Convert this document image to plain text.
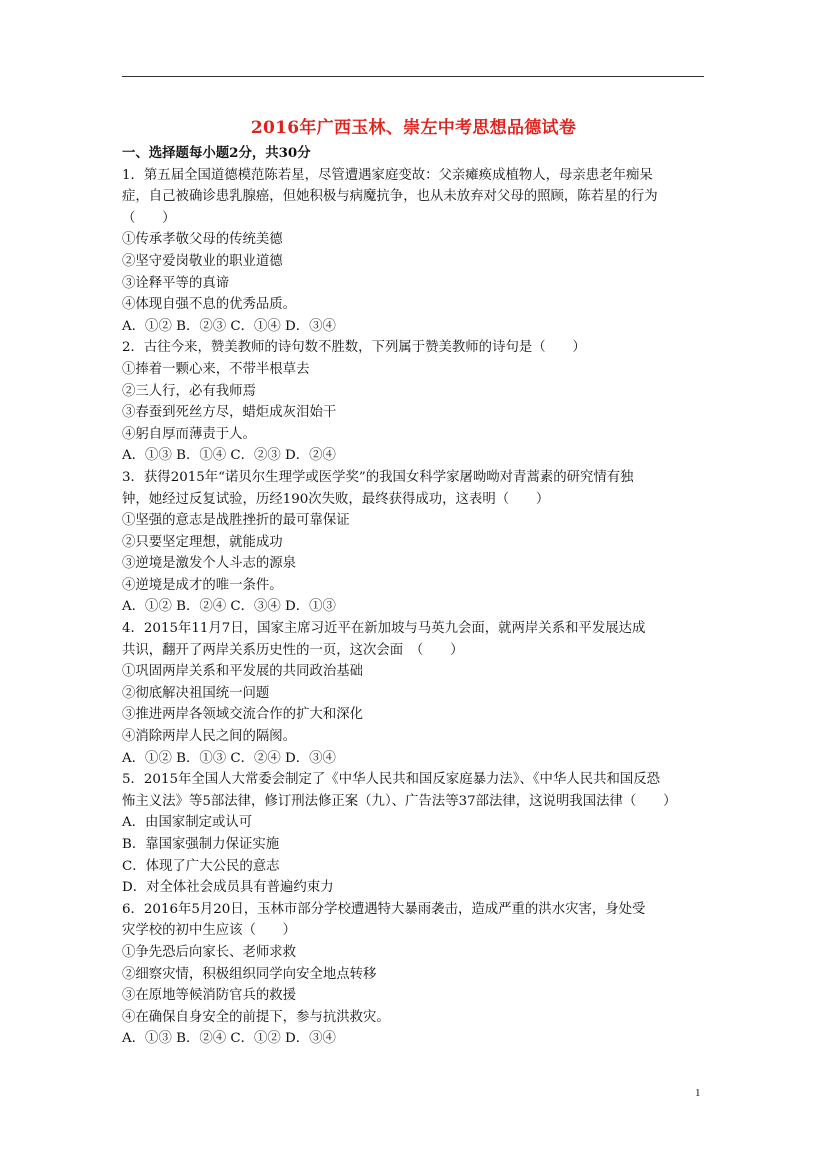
2016年广西玉林、崇左中考思想品德试卷
一、选择题每小题2分，共30分
1．第五届全国道德模范陈若星，尽管遭遇家庭变故：父亲瘫痪成植物人，母亲患老年痴呆
症，自己被确诊患乳腺癌，但她积极与病魔抗争，也从未放弃对父母的照顾，陈若星的行为
（　　）
①传承孝敬父母的传统美德
②坚守爱岗敬业的职业道德
③诠释平等的真谛
④体现自强不息的优秀品质。
A．①② B．②③ C．①④ D．③④
2．古往今来，赞美教师的诗句数不胜数，下列属于赞美教师的诗句是（　　）
①捧着一颗心来，不带半根草去
②三人行，必有我师焉
③春蚕到死丝方尽，蜡炬成灰泪始干
④躬自厚而薄责于人。
A．①③ B．①④ C．②③ D．②④
3．获得2015年“诺贝尔生理学或医学奖”的我国女科学家屠呦呦对青蒿素的研究情有独
钟，她经过反复试验，历经190次失败，最终获得成功，这表明（　　）
①坚强的意志是战胜挫折的最可靠保证
②只要坚定理想，就能成功
③逆境是激发个人斗志的源泉
④逆境是成才的唯一条件。
A．①② B．②④ C．③④ D．①③
4．2015年11月7日，国家主席习近平在新加坡与马英九会面，就两岸关系和平发展达成
共识，翻开了两岸关系历史性的一页，这次会面　（　　）
①巩固两岸关系和平发展的共同政治基础
②彻底解决祖国统一问题
③推进两岸各领域交流合作的扩大和深化
④消除两岸人民之间的隔阂。
A．①② B．①③ C．②④ D．③④
5．2015年全国人大常委会制定了《中华人民共和国反家庭暴力法》、《中华人民共和国反恐
怖主义法》等5部法律，修订刑法修正案（九）、广告法等37部法律，这说明我国法律（　　）
A．由国家制定或认可
B．靠国家强制力保证实施
C．体现了广大公民的意志
D．对全体社会成员具有普遍约束力
6．2016年5月20日，玉林市部分学校遭遇特大暴雨袭击，造成严重的洪水灾害，身处受
灾学校的初中生应该（　　）
①争先恐后向家长、老师求救
②细察灾情，积极组织同学向安全地点转移
③在原地等候消防官兵的救援
④在确保自身安全的前提下，参与抗洪救灾。
A．①③ B．②④ C．①② D．③④
1
